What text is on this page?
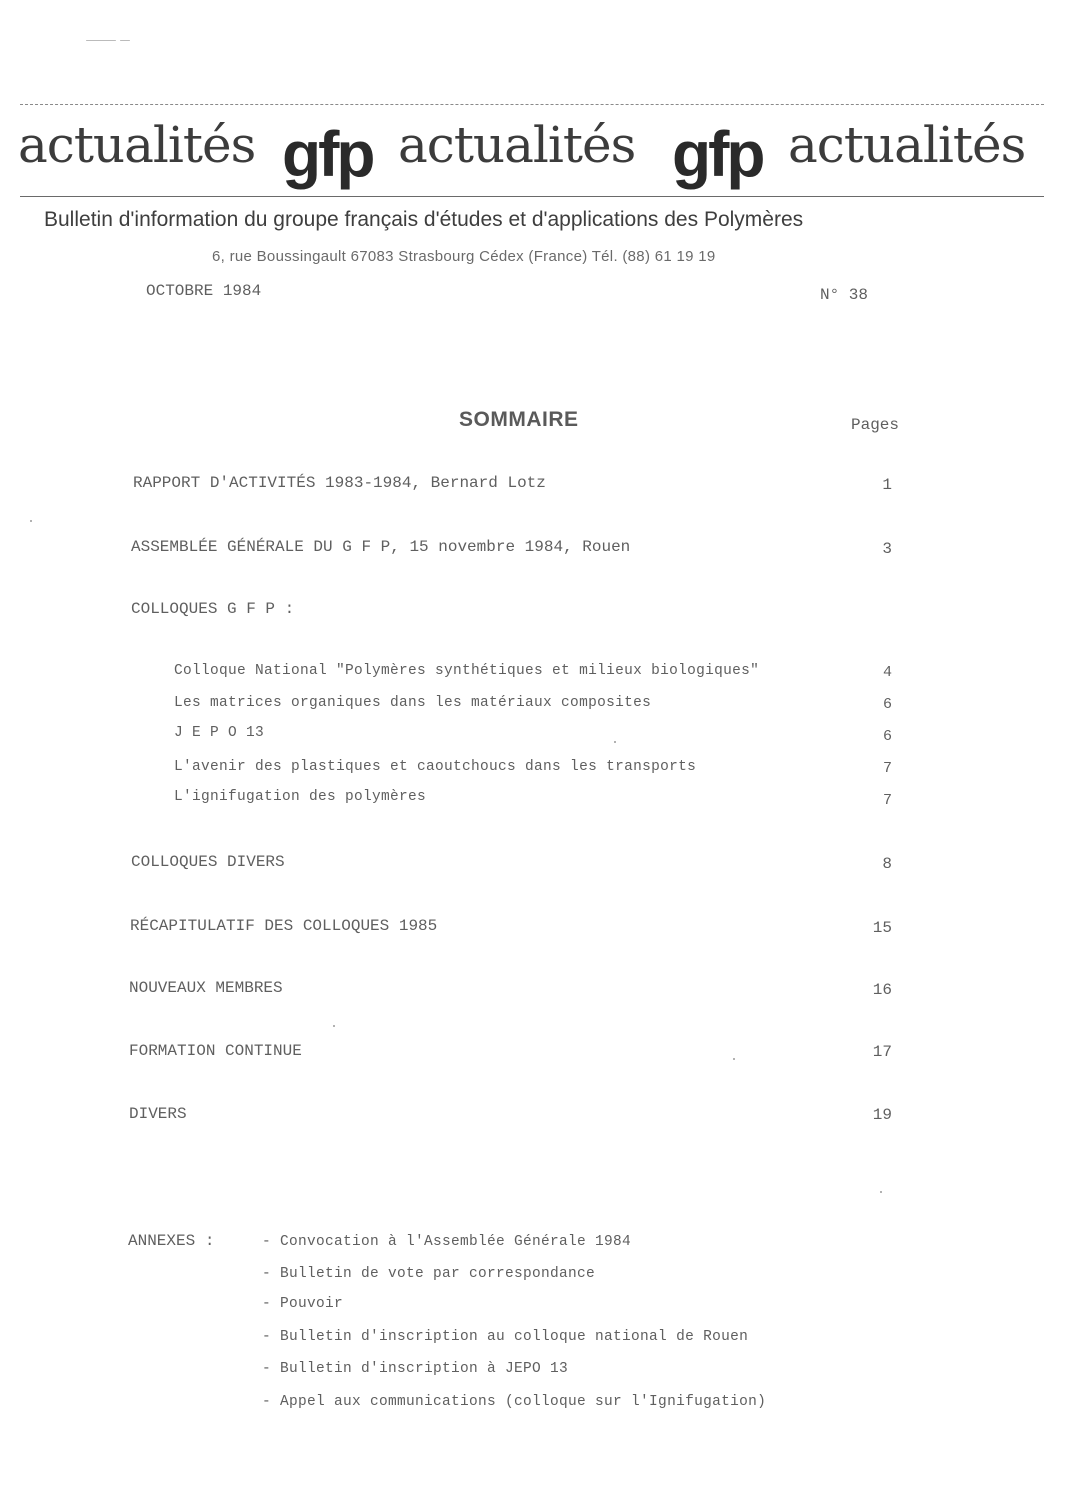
actualités gfp actualités gfp actualités
Bulletin d'information du groupe français d'études et d'applications des Polymères
6, rue Boussingault 67083 Strasbourg Cédex (France) Tél. (88) 61 19 19
OCTOBRE 1984	N° 38
SOMMAIRE	Pages
RAPPORT D'ACTIVITÉS 1983-1984, Bernard Lotz	1
ASSEMBLÉE GÉNÉRALE DU G F P, 15 novembre 1984, Rouen	3
COLLOQUES G F P :
Colloque National "Polymères synthétiques et milieux biologiques"	4
Les matrices organiques dans les matériaux composites	6
J E P O 13	6
L'avenir des plastiques et caoutchoucs dans les transports	7
L'ignifugation des polymères	7
COLLOQUES DIVERS	8
RÉCAPITULATIF DES COLLOQUES 1985	15
NOUVEAUX MEMBRES	16
FORMATION CONTINUE	17
DIVERS	19
ANNEXES :	- Convocation à l'Assemblée Générale 1984
- Bulletin de vote par correspondance
- Pouvoir
- Bulletin d'inscription au colloque national de Rouen
- Bulletin d'inscription à JEPO 13
- Appel aux communications (colloque sur l'Ignifugation)
